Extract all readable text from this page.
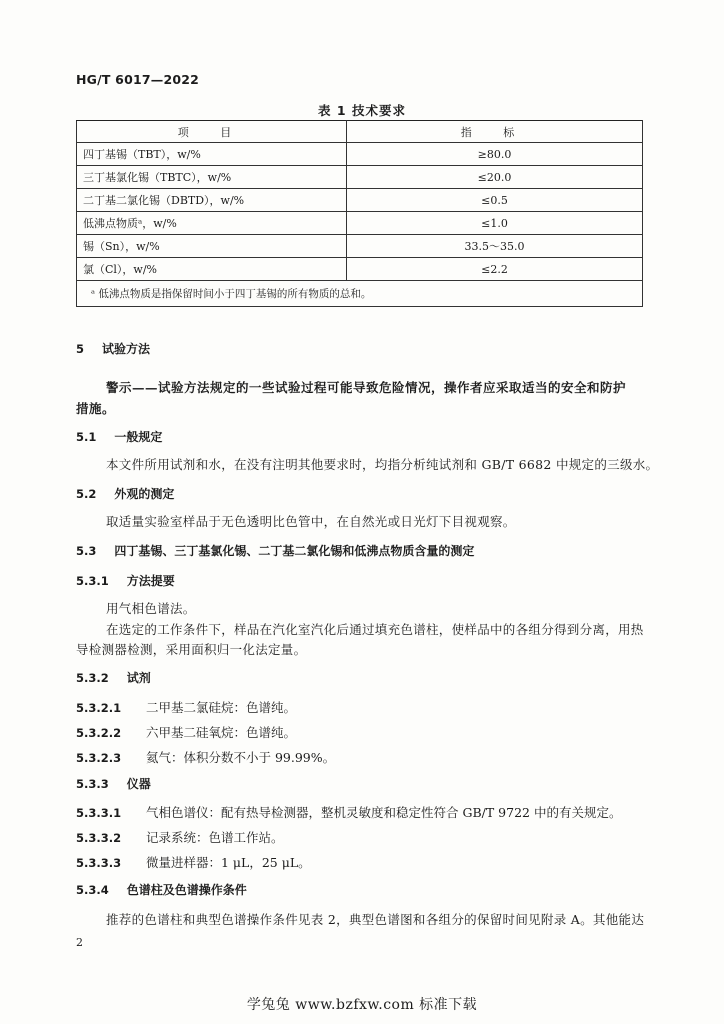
HG/T 6017—2022
表 1 技术要求
项 目	指 标
四丁基锡（TBT），w/%	≥80.0
三丁基氯化锡（TBTC），w/%	≤20.0
二丁基二氯化锡（DBTD），w/%	≤0.5
低沸点物质ᵃ，w/%	≤1.0
锡（Sn），w/%	33.5～35.0
氯（Cl），w/%	≤2.2
ᵃ 低沸点物质是指保留时间小于四丁基锡的所有物质的总和。	
5 试验方法
警示——试验方法规定的一些试验过程可能导致危险情况，操作者应采取适当的安全和防护
措施。
5.1 一般规定
本文件所用试剂和水，在没有注明其他要求时，均指分析纯试剂和 GB/T 6682 中规定的三级水。
5.2 外观的测定
取适量实验室样品于无色透明比色管中，在自然光或日光灯下目视观察。
5.3 四丁基锡、三丁基氯化锡、二丁基二氯化锡和低沸点物质含量的测定
5.3.1 方法提要
用气相色谱法。
在选定的工作条件下，样品在汽化室汽化后通过填充色谱柱，使样品中的各组分得到分离，用热
导检测器检测，采用面积归一化法定量。
5.3.2 试剂
5.3.2.1 二甲基二氯硅烷：色谱纯。
5.3.2.2 六甲基二硅氧烷：色谱纯。
5.3.2.3 氦气：体积分数不小于 99.99%。
5.3.3 仪器
5.3.3.1 气相色谱仪：配有热导检测器，整机灵敏度和稳定性符合 GB/T 9722 中的有关规定。
5.3.3.2 记录系统：色谱工作站。
5.3.3.3 微量进样器：1 μL，25 μL。
5.3.4 色谱柱及色谱操作条件
推荐的色谱柱和典型色谱操作条件见表 2，典型色谱图和各组分的保留时间见附录 A。其他能达
2
学兔兔 www.bzfxw.com 标准下载
